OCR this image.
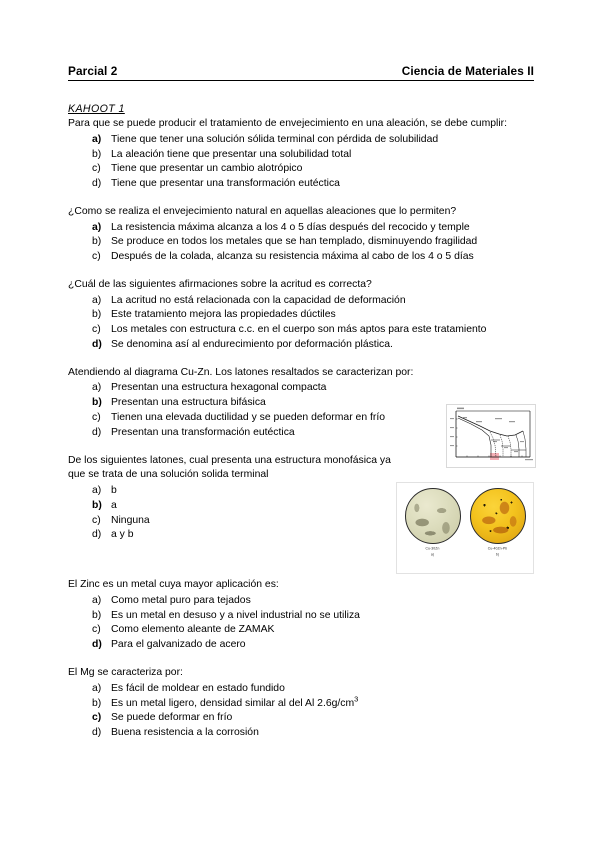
Parcial 2	Ciencia de Materiales II
KAHOOT 1

Para que se puede producir el tratamiento de envejecimiento en una aleación, se debe cumplir:

a) Tiene que tener una solución sólida terminal con pérdida de solubilidad
b) La aleación tiene que presentar una solubilidad total
c) Tiene que presentar un cambio alotrópico
d) Tiene que presentar una transformación eutéctica

¿Como se realiza el envejecimiento natural en aquellas aleaciones que lo permiten?

a) La resistencia máxima alcanza a los 4 o 5 días después del recocido y temple
b) Se produce en todos los metales que se han templado, disminuyendo fragilidad
c) Después de la colada, alcanza su resistencia máxima al cabo de los 4 o 5 días

¿Cuál de las siguientes afirmaciones sobre la acritud es correcta?

a) La acritud no está relacionada con la capacidad de deformación
b) Este tratamiento mejora las propiedades dúctiles
c) Los metales con estructura c.c. en el cuerpo son más aptos para este tratamiento
d) Se denomina así al endurecimiento por deformación plástica.

Atendiendo al diagrama Cu-Zn. Los latones resaltados se caracterizan por:

a) Presentan una estructura hexagonal compacta
b) Presentan una estructura bifásica
c) Tienen una elevada ductilidad y se pueden deformar en frío
d) Presentan una transformación eutéctica

De los siguientes latones, cual presenta una estructura monofásica ya que se trata de una solución solida terminal

a) b
b) a
c) Ninguna
d) a y b
Cu-30Zn
a)
Cu-40Zn-Pb
b)

El Zinc es un metal cuya mayor aplicación es:

a) Como metal puro para tejados
b) Es un metal en desuso y a nivel industrial no se utiliza
c) Como elemento aleante de ZAMAK
d) Para el galvanizado de acero

El Mg se caracteriza por:

a) Es fácil de moldear en estado fundido
b) Es un metal ligero, densidad similar al del Al $2.6g/cm^3$
c) Se puede deformar en frío
d) Buena resistencia a la corrosión
